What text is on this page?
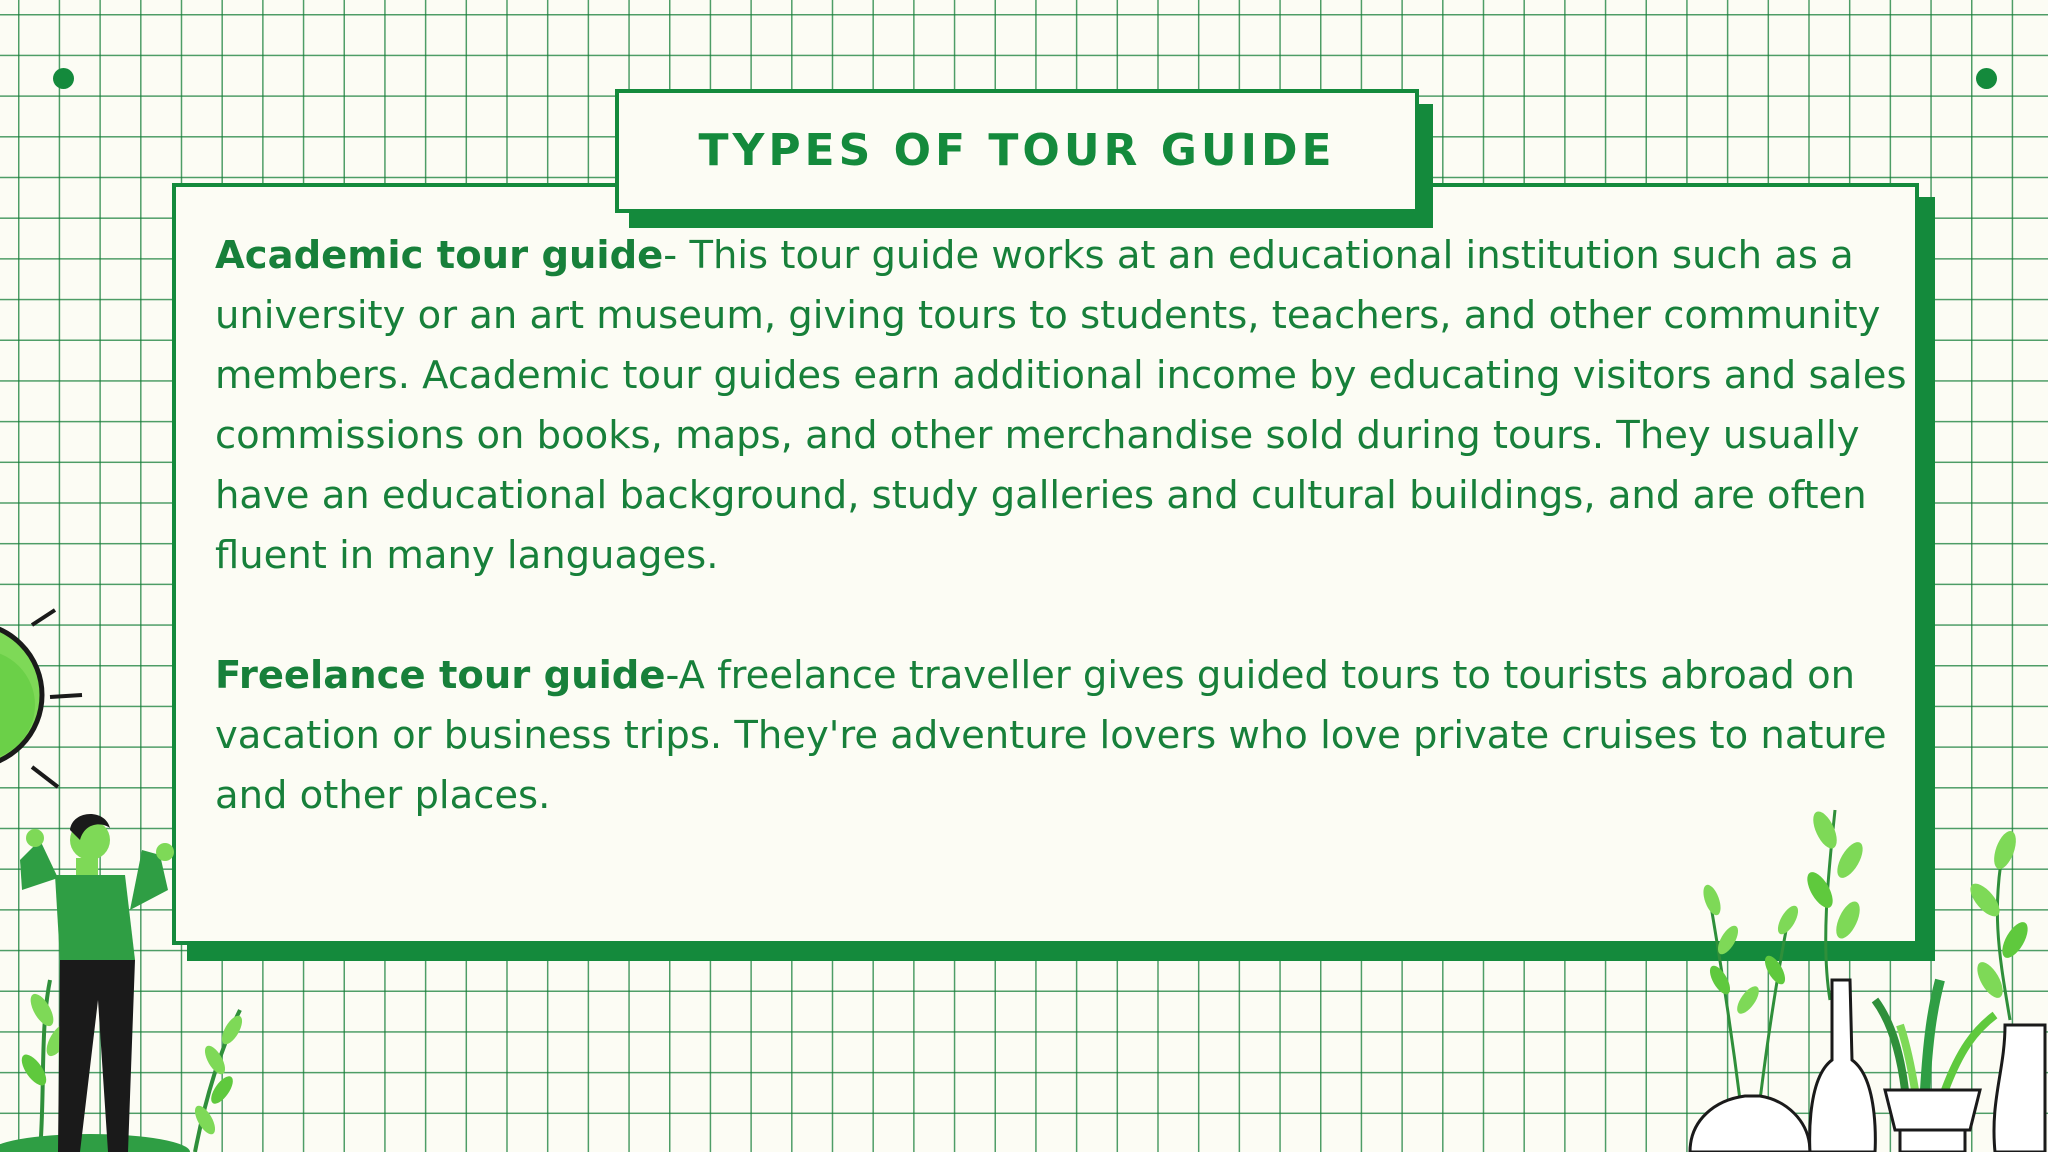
TYPES OF TOUR GUIDE

Academic tour guide- This tour guide works at an educational institution such as a university or an art museum, giving tours to students, teachers, and other community members. Academic tour guides earn additional income by educating visitors and sales commissions on books, maps, and other merchandise sold during tours. They usually have an educational background, study galleries and cultural buildings, and are often fluent in many languages.

Freelance tour guide-A freelance traveller gives guided tours to tourists abroad on vacation or business trips. They're adventure lovers who love private cruises to nature and other places.
